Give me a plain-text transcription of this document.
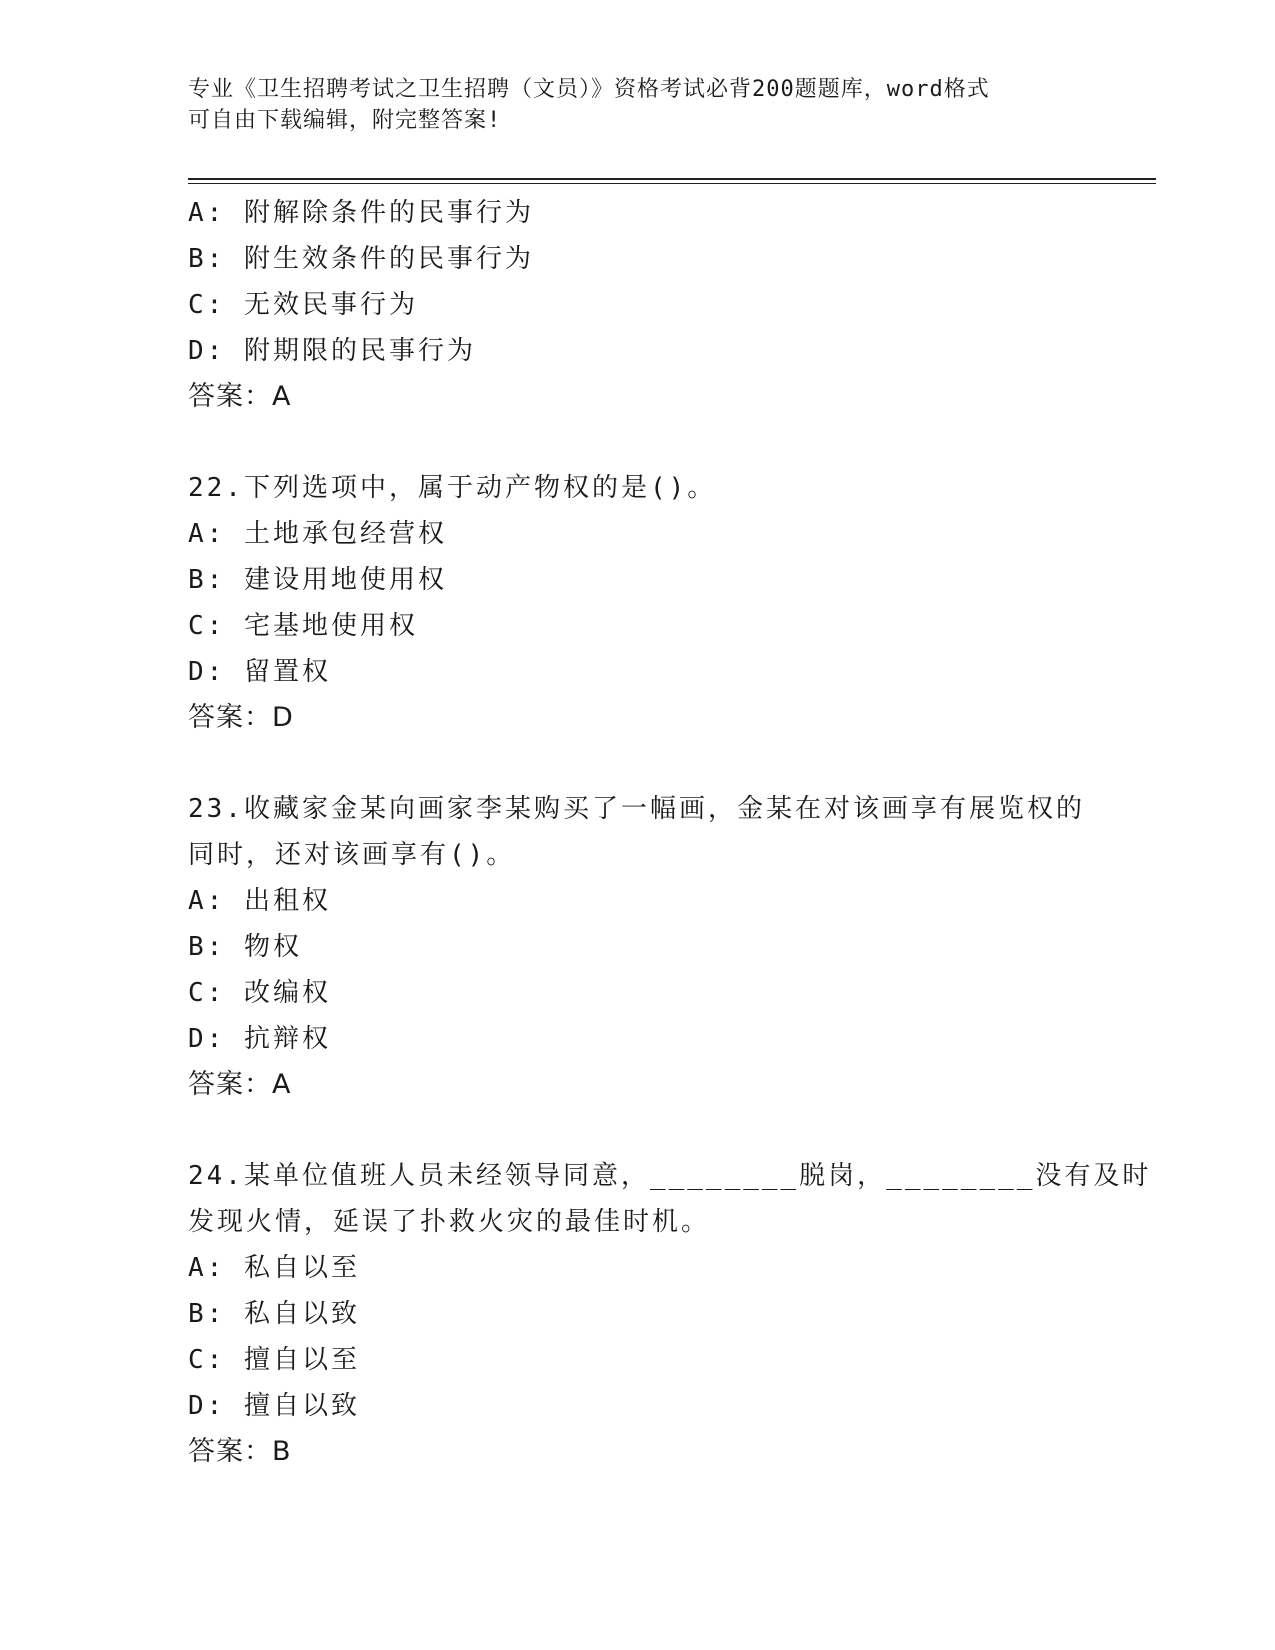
专业《卫生招聘考试之卫生招聘（文员）》资格考试必背200题题库，word格式
可自由下载编辑，附完整答案!
A: 附解除条件的民事行为
B: 附生效条件的民事行为
C: 无效民事行为
D: 附期限的民事行为
答案：A
22.下列选项中，属于动产物权的是()。
A: 土地承包经营权
B: 建设用地使用权
C: 宅基地使用权
D: 留置权
答案：D
23.收藏家金某向画家李某购买了一幅画，金某在对该画享有展览权的
同时，还对该画享有()。
A: 出租权
B: 物权
C: 改编权
D: 抗辩权
答案：A
24.某单位值班人员未经领导同意，________脱岗，________没有及时
发现火情，延误了扑救火灾的最佳时机。
A: 私自以至
B: 私自以致
C: 擅自以至
D: 擅自以致
答案：B
